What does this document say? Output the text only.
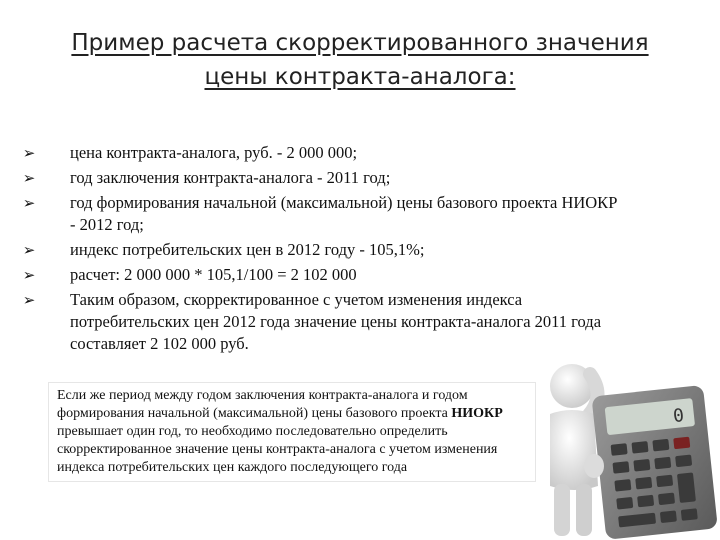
Пример расчета скорректированного значения
цены контракта-аналога:
➢ цена контракта-аналога, руб. - 2 000 000;
➢ год заключения контракта-аналога - 2011 год;
➢ год формирования начальной (максимальной) цены базового проекта НИОКР
- 2012 год;
➢ индекс потребительских цен в 2012 году - 105,1%;
➢ расчет: 2 000 000 * 105,1/100 = 2 102 000
➢ Таким образом, скорректированное с учетом изменения индекса
потребительских цен 2012 года значение цены контракта-аналога 2011 года
составляет 2 102 000 руб.
Если же период между годом заключения контракта-аналога и годом формирования начальной (максимальной) цены базового проекта НИОКР превышает один год, то необходимо последовательно определить скорректированное значение цены контракта-аналога с учетом изменения индекса потребительских цен каждого последующего года
0
